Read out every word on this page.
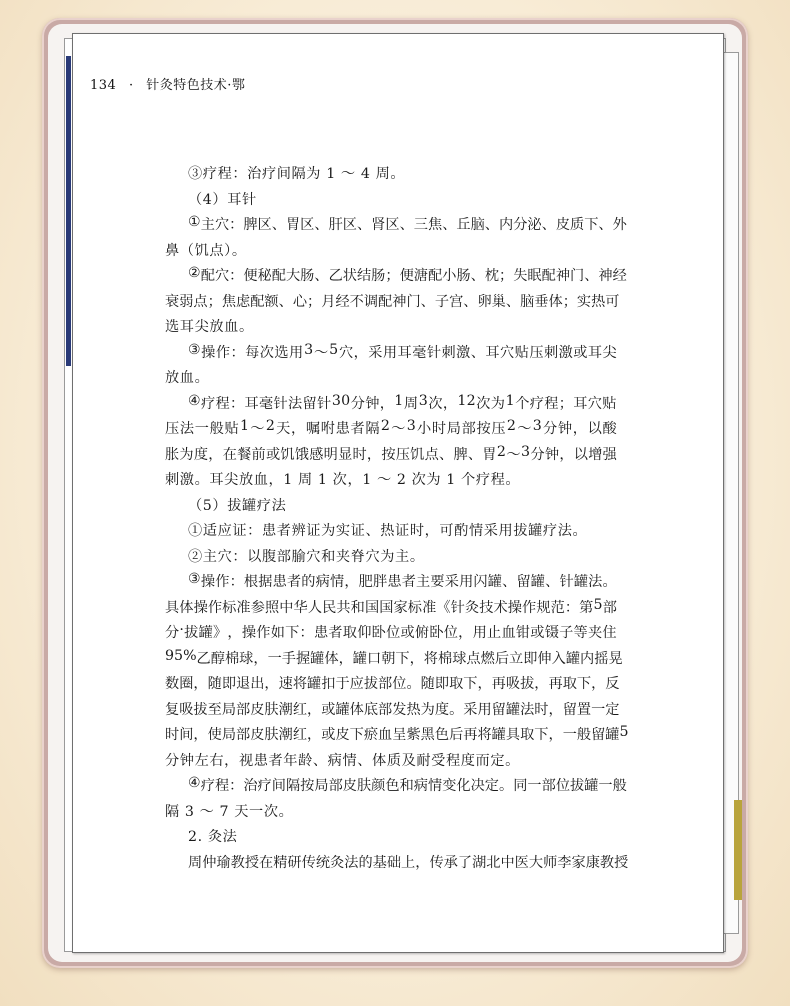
134 · 针灸特色技术·鄂
③疗程：治疗间隔为 1 ～ 4 周。
（4）耳针
① 主 穴 ： 脾 区 、 胃 区 、 肝 区 、 肾 区 、 三 焦 、 丘 脑 、 内 分 泌 、 皮 质 下 、 外
鼻（饥点）。
② 配 穴 ： 便 秘 配 大 肠 、 乙 状 结 肠 ； 便 溏 配 小 肠 、 枕 ； 失 眠 配 神 门 、 神 经
衰 弱 点 ； 焦 虑 配 额 、 心 ； 月 经 不 调 配 神 门 、 子 宫 、 卵 巢 、 脑 垂 体 ； 实 热 可
选耳尖放血。
③ 操 作 ： 每 次 选 用 3 ～ 5 穴 ， 采 用 耳 毫 针 刺 激 、 耳 穴 贴 压 刺 激 或 耳 尖
放血。
④ 疗 程 ： 耳 毫 针 法 留 针 3 0 分 钟 ， 1 周 3 次 ， 1 2 次 为 1 个 疗 程 ； 耳 穴 贴
压 法 一 般 贴 1 ～ 2 天 ， 嘱 咐 患 者 隔 2 ～ 3 小 时 局 部 按 压 2 ～ 3 分 钟 ， 以 酸
胀 为 度 ， 在 餐 前 或 饥 饿 感 明 显 时 ， 按 压 饥 点 、 脾 、 胃 2 ～ 3 分 钟 ， 以 增 强
刺激。耳尖放血，1 周 1 次，1 ～ 2 次为 1 个疗程。
（5）拔罐疗法
①适应证：患者辨证为实证、热证时，可酌情采用拔罐疗法。
②主穴：以腹部腧穴和夹脊穴为主。
③ 操 作 ： 根 据 患 者 的 病 情 ， 肥 胖 患 者 主 要 采 用 闪 罐 、 留 罐 、 针 罐 法 。
具 体 操 作 标 准 参 照 中 华 人 民 共 和 国 国 家 标 准 《 针 灸 技 术 操 作 规 范 ： 第 5 部
分 · 拔 罐 》 ， 操 作 如 下 ： 患 者 取 仰 卧 位 或 俯 卧 位 ， 用 止 血 钳 或 镊 子 等 夹 住
9 5 % 乙 醇 棉 球 ， 一 手 握 罐 体 ， 罐 口 朝 下 ， 将 棉 球 点 燃 后 立 即 伸 入 罐 内 摇 晃
数 圈 ， 随 即 退 出 ， 速 将 罐 扣 于 应 拔 部 位 。 随 即 取 下 ， 再 吸 拔 ， 再 取 下 ， 反
复 吸 拔 至 局 部 皮 肤 潮 红 ， 或 罐 体 底 部 发 热 为 度 。 采 用 留 罐 法 时 ， 留 置 一 定
时 间 ， 使 局 部 皮 肤 潮 红 ， 或 皮 下 瘀 血 呈 紫 黑 色 后 再 将 罐 具 取 下 ， 一 般 留 罐 5
分钟左右，视患者年龄、病情、体质及耐受程度而定。
④ 疗 程 ： 治 疗 间 隔 按 局 部 皮 肤 颜 色 和 病 情 变 化 决 定 。 同 一 部 位 拔 罐 一 般
隔 3 ～ 7 天一次。
2. 灸法
周 仲 瑜 教 授 在 精 研 传 统 灸 法 的 基 础 上 ， 传 承 了 湖 北 中 医 大 师 李 家 康 教 授
